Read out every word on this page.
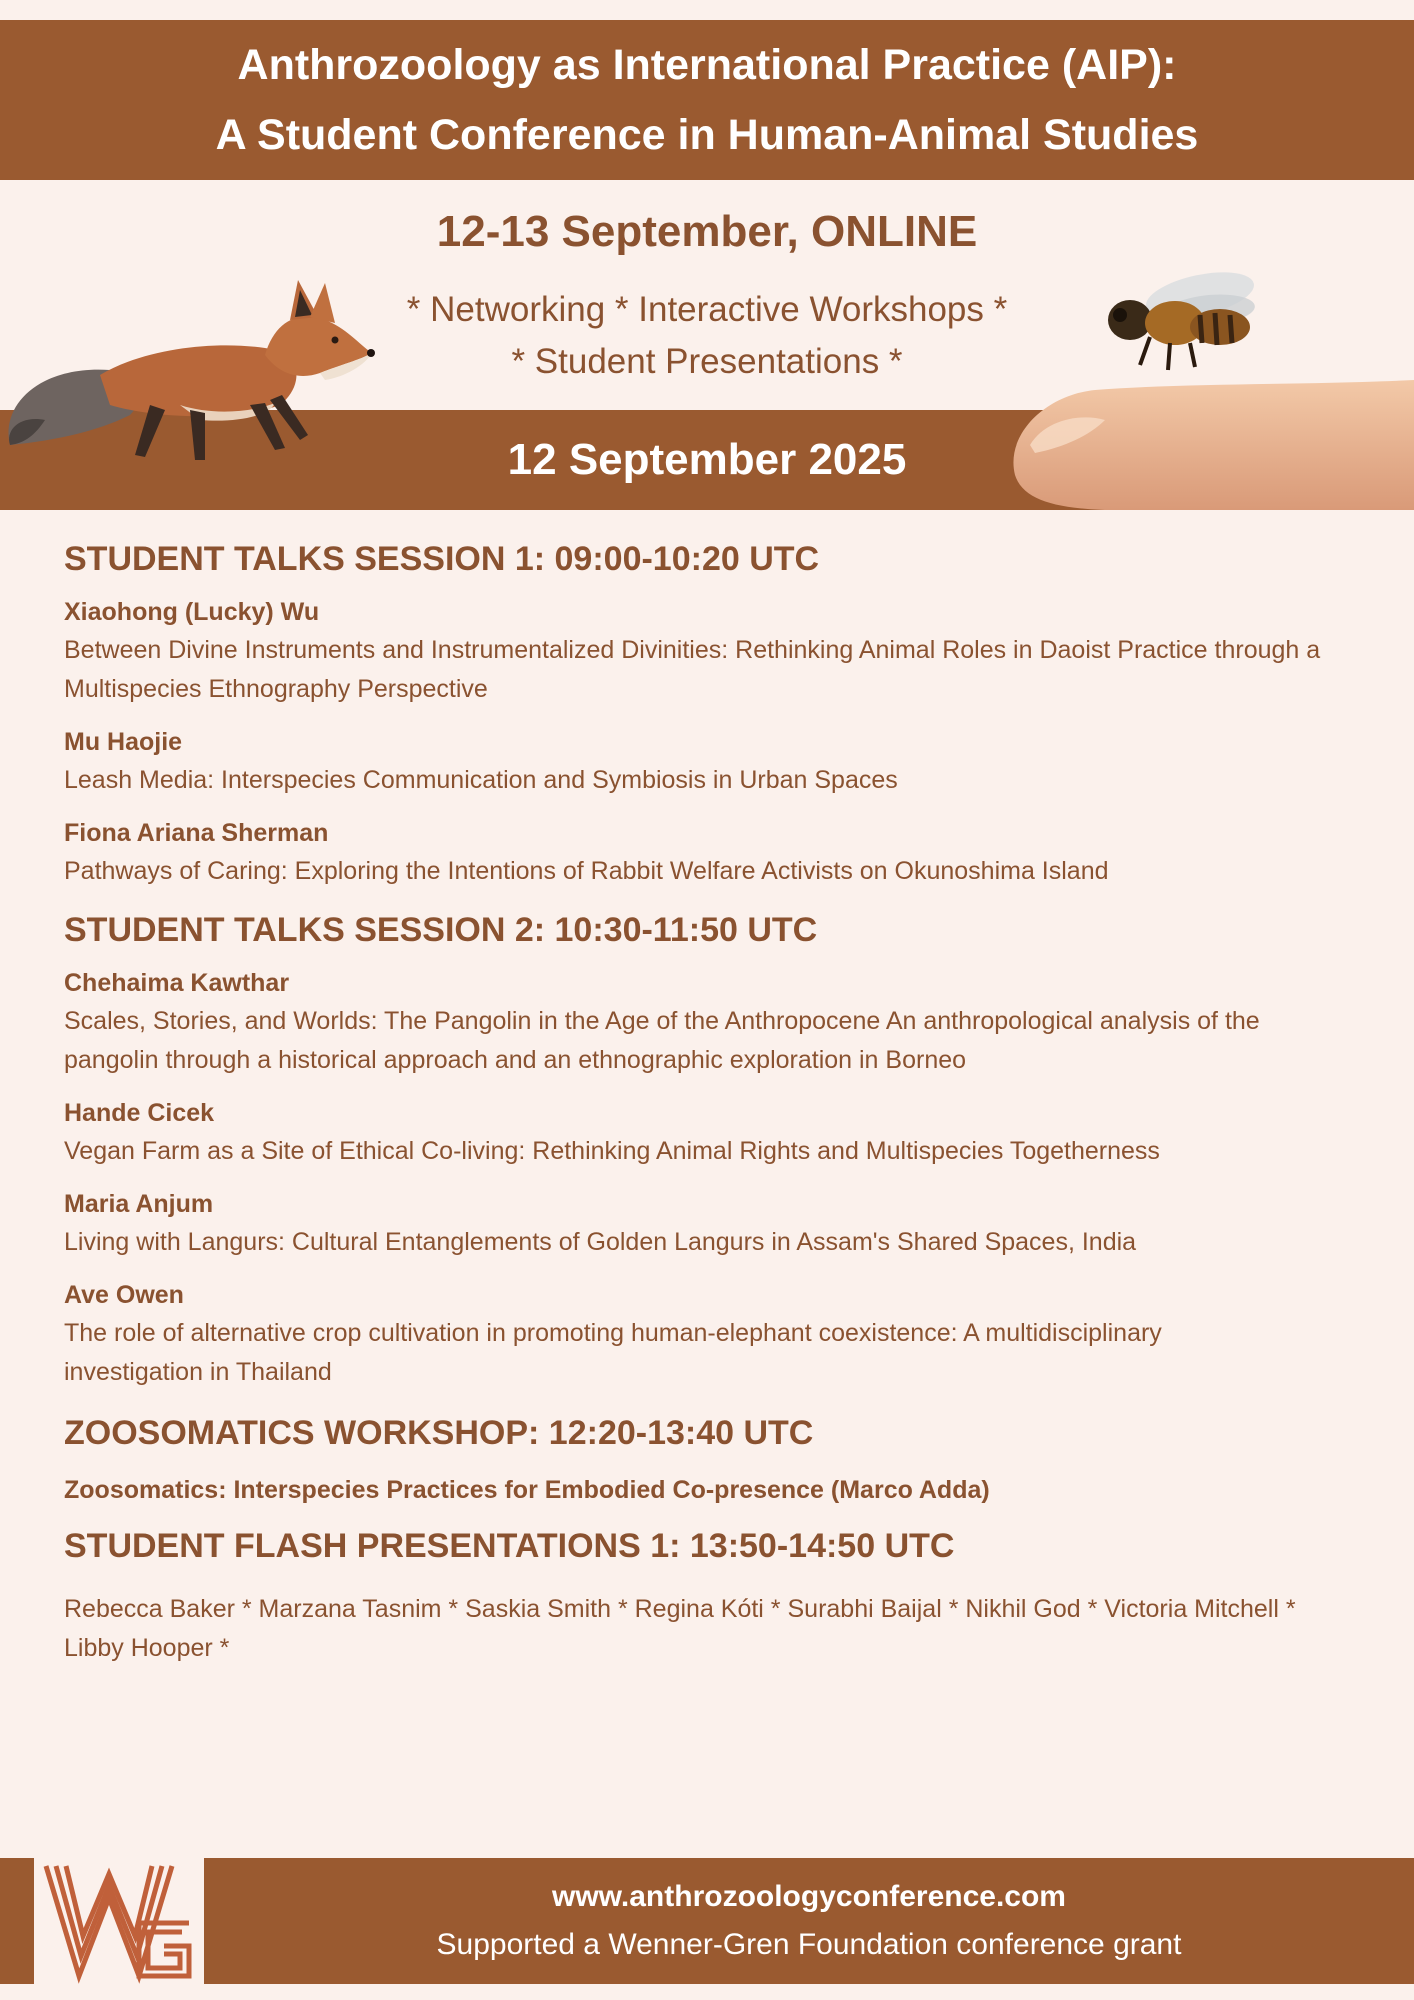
Anthrozoology as International Practice (AIP):
A Student Conference in Human-Animal Studies
12-13 September, ONLINE
* Networking * Interactive Workshops *
* Student Presentations *
12 September 2025
STUDENT TALKS SESSION 1: 09:00-10:20 UTC
Xiaohong (Lucky) Wu
Between Divine Instruments and Instrumentalized Divinities: Rethinking Animal Roles in Daoist Practice through a Multispecies Ethnography Perspective
Mu Haojie
Leash Media: Interspecies Communication and Symbiosis in Urban Spaces
Fiona Ariana Sherman
Pathways of Caring: Exploring the Intentions of Rabbit Welfare Activists on Okunoshima Island
STUDENT TALKS SESSION 2: 10:30-11:50 UTC
Chehaima Kawthar
Scales, Stories, and Worlds: The Pangolin in the Age of the Anthropocene An anthropological analysis of the pangolin through a historical approach and an ethnographic exploration in Borneo
Hande Cicek
Vegan Farm as a Site of Ethical Co-living: Rethinking Animal Rights and Multispecies Togetherness
Maria Anjum
Living with Langurs: Cultural Entanglements of Golden Langurs in Assam's Shared Spaces, India
Ave Owen
The role of alternative crop cultivation in promoting human-elephant coexistence: A multidisciplinary investigation in Thailand
ZOOSOMATICS WORKSHOP: 12:20-13:40 UTC
Zoosomatics: Interspecies Practices for Embodied Co-presence (Marco Adda)
STUDENT FLASH PRESENTATIONS 1: 13:50-14:50 UTC
Rebecca Baker * Marzana Tasnim * Saskia Smith * Regina Kóti * Surabhi Baijal * Nikhil God * Victoria Mitchell * Libby Hooper *
www.anthrozoologyconference.com
Supported a Wenner-Gren Foundation conference grant
